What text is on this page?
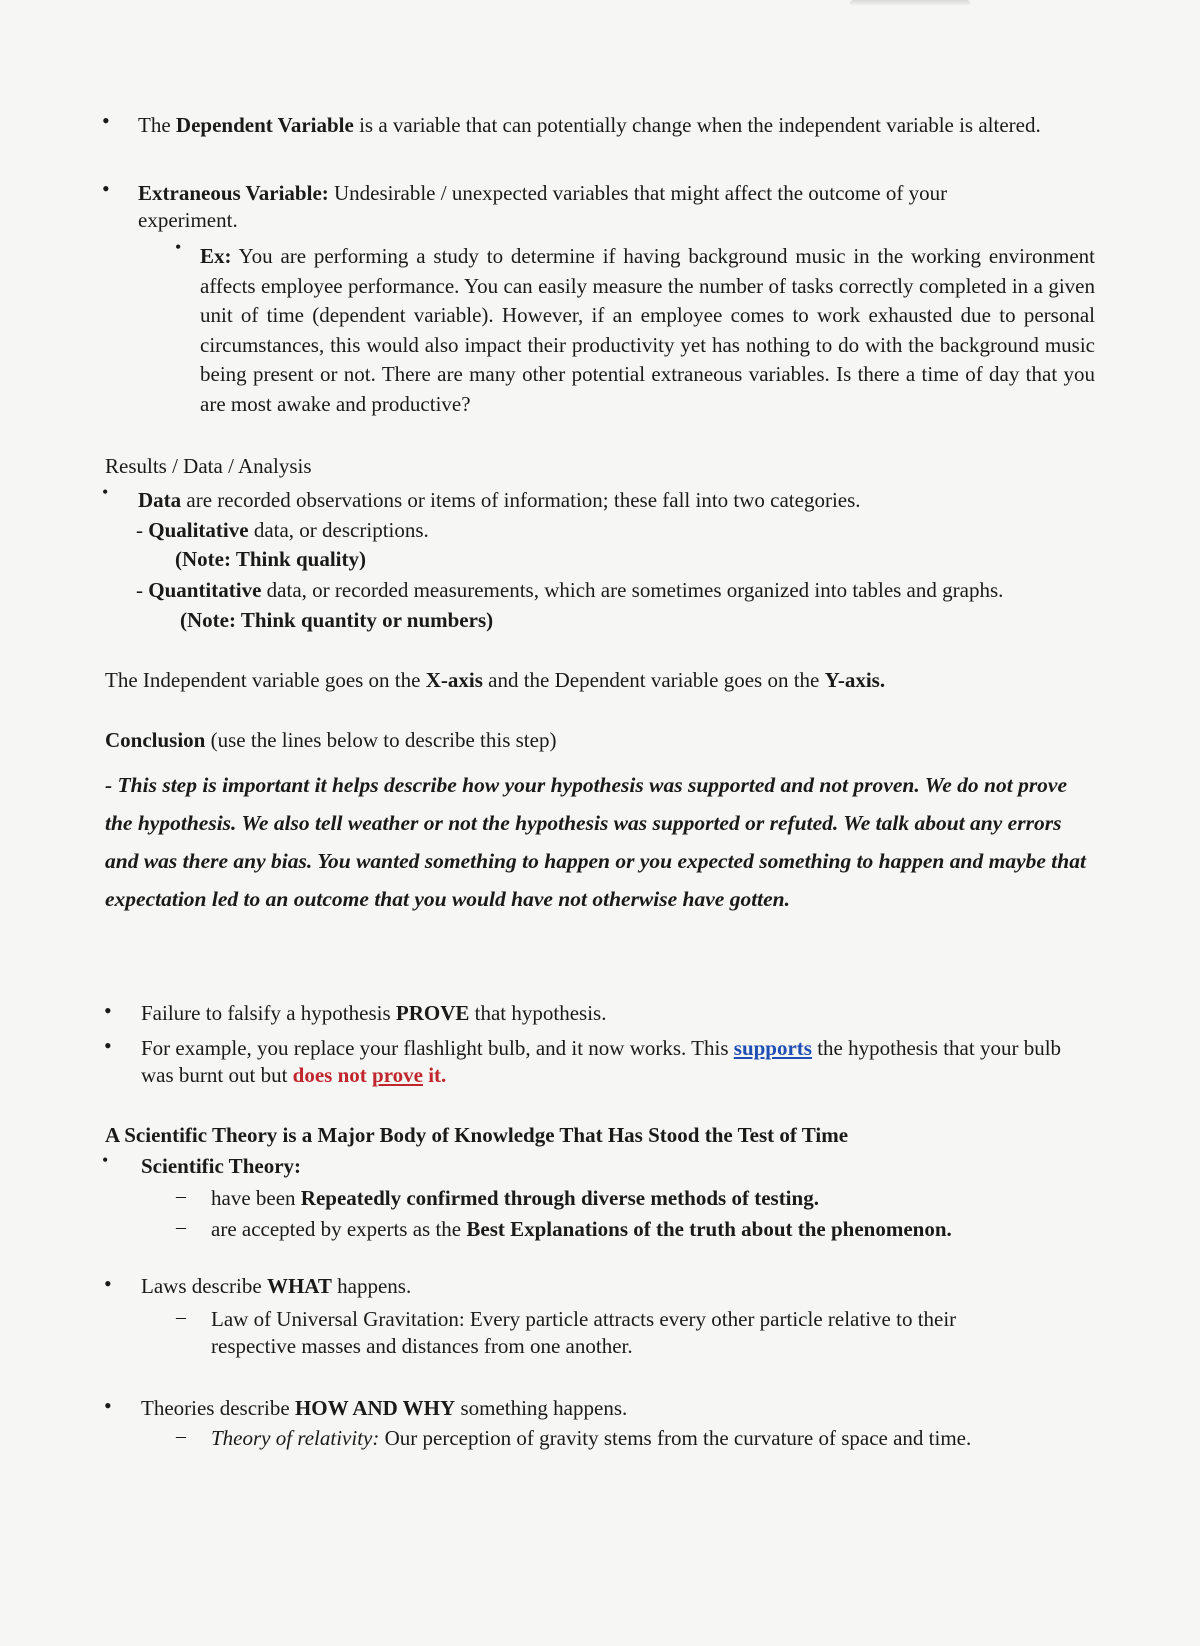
• The Dependent Variable is a variable that can potentially change when the independent variable is altered.
• Extraneous Variable: Undesirable / unexpected variables that might affect the outcome of your experiment.
• Ex: You are performing a study to determine if having background music in the working environment affects employee performance. You can easily measure the number of tasks correctly completed in a given unit of time (dependent variable). However, if an employee comes to work exhausted due to personal circumstances, this would also impact their productivity yet has nothing to do with the background music being present or not. There are many other potential extraneous variables. Is there a time of day that you are most awake and productive?
Results / Data / Analysis
• Data are recorded observations or items of information; these fall into two categories.
- Qualitative data, or descriptions.
(Note: Think quality)
- Quantitative data, or recorded measurements, which are sometimes organized into tables and graphs.
(Note: Think quantity or numbers)
The Independent variable goes on the X-axis and the Dependent variable goes on the Y-axis.
Conclusion (use the lines below to describe this step)
- This step is important it helps describe how your hypothesis was supported and not proven. We do not prove the hypothesis. We also tell weather or not the hypothesis was supported or refuted. We talk about any errors and was there any bias. You wanted something to happen or you expected something to happen and maybe that expectation led to an outcome that you would have not otherwise have gotten.
• Failure to falsify a hypothesis PROVE that hypothesis.
• For example, you replace your flashlight bulb, and it now works. This supports the hypothesis that your bulb was burnt out but does not prove it.
A Scientific Theory is a Major Body of Knowledge That Has Stood the Test of Time
• Scientific Theory:
– have been Repeatedly confirmed through diverse methods of testing.
– are accepted by experts as the Best Explanations of the truth about the phenomenon.
• Laws describe WHAT happens.
– Law of Universal Gravitation: Every particle attracts every other particle relative to their respective masses and distances from one another.
• Theories describe HOW AND WHY something happens.
– Theory of relativity: Our perception of gravity stems from the curvature of space and time.
